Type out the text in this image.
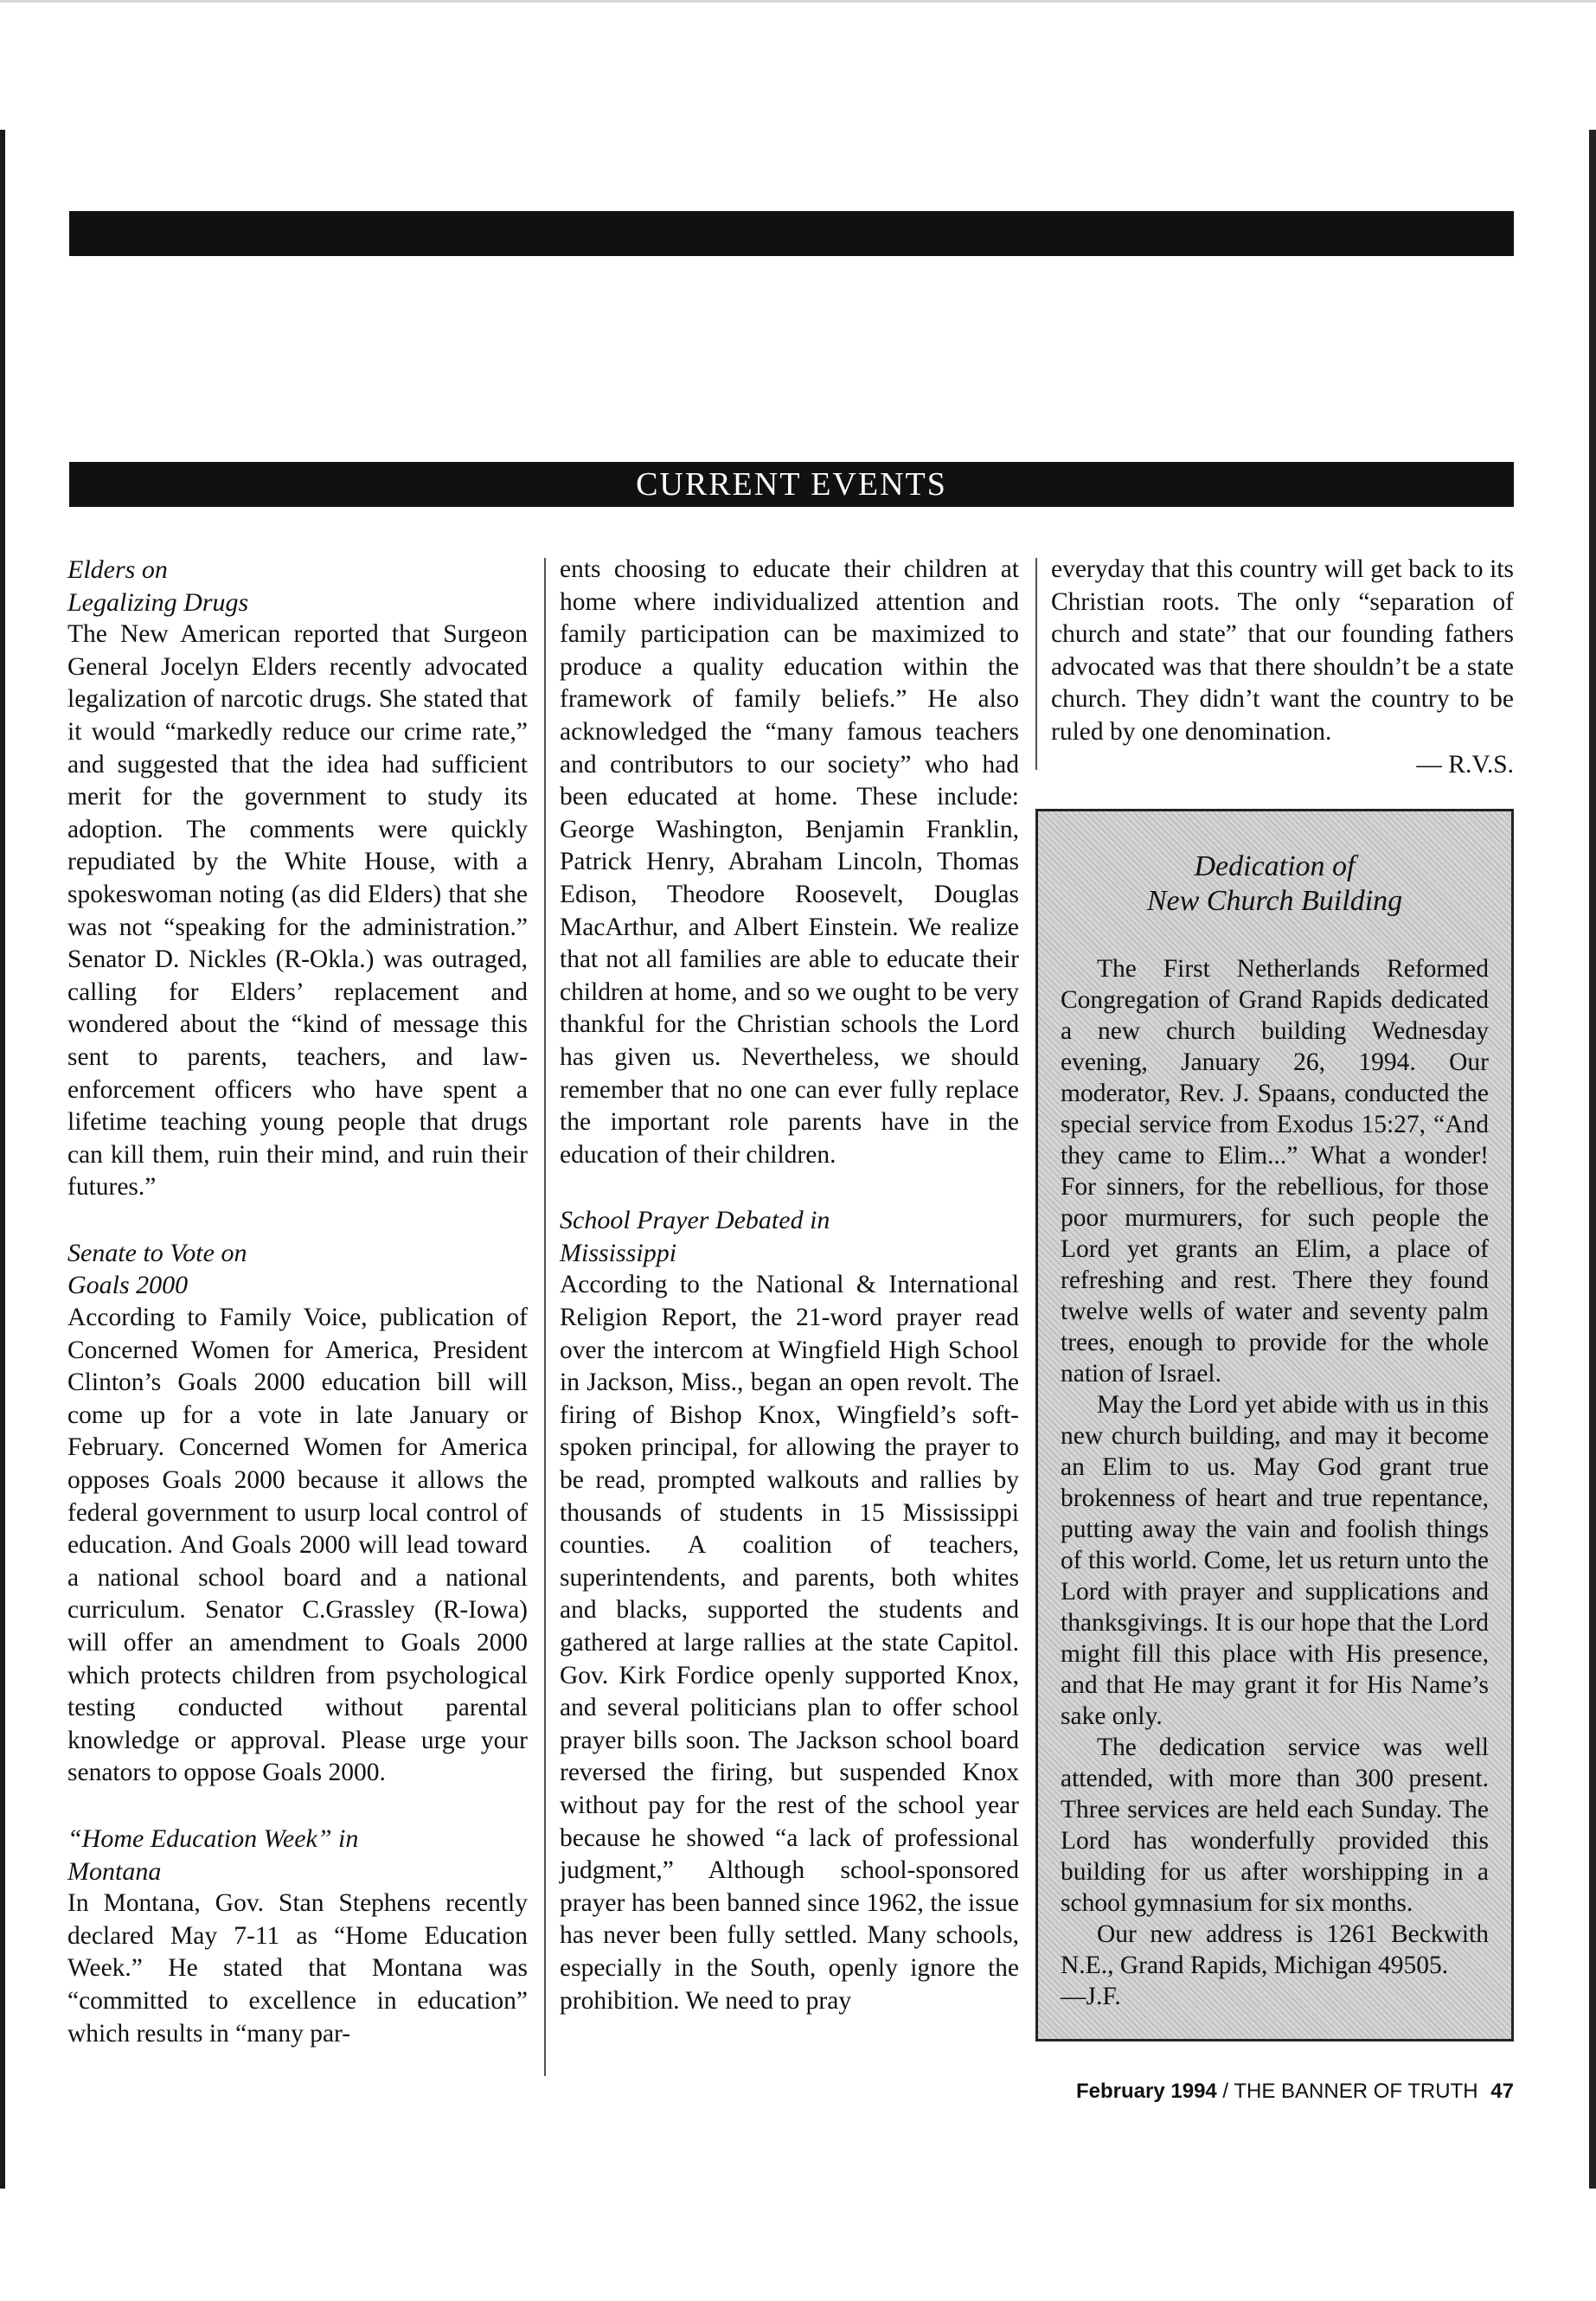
CURRENT EVENTS
Elders on Legalizing Drugs

The New American reported that Surgeon General Jocelyn Elders recently advocated legalization of narcotic drugs. She stated that it would “markedly reduce our crime rate,” and suggested that the idea had sufficient merit for the government to study its adoption. The comments were quickly repudiated by the White House, with a spokeswoman noting (as did Elders) that she was not “speaking for the administration.” Senator D. Nickles (R-Okla.) was outraged, calling for Elders’ replacement and wondered about the “kind of message this sent to parents, teachers, and law-enforcement officers who have spent a lifetime teaching young people that drugs can kill them, ruin their mind, and ruin their futures.”

Senate to Vote on Goals 2000

According to Family Voice, publication of Concerned Women for America, President Clinton’s Goals 2000 education bill will come up for a vote in late January or February. Concerned Women for America opposes Goals 2000 because it allows the federal government to usurp local control of education. And Goals 2000 will lead toward a national school board and a national curriculum. Senator C.Grassley (R-Iowa) will offer an amendment to Goals 2000 which protects children from psychological testing conducted without parental knowledge or approval. Please urge your senators to oppose Goals 2000.

“Home Education Week” in Montana

In Montana, Gov. Stan Stephens recently declared May 7-11 as “Home Education Week.” He stated that Montana was “committed to excellence in education” which results in “many par-

ents choosing to educate their children at home where individualized attention and family participation can be maximized to produce a quality education within the framework of family beliefs.” He also acknowledged the “many famous teachers and contributors to our society” who had been educated at home. These include: George Washington, Benjamin Franklin, Patrick Henry, Abraham Lincoln, Thomas Edison, Theodore Roosevelt, Douglas MacArthur, and Albert Einstein. We realize that not all families are able to educate their children at home, and so we ought to be very thankful for the Christian schools the Lord has given us. Nevertheless, we should remember that no one can ever fully replace the important role parents have in the education of their children.

School Prayer Debated in Mississippi

According to the National & International Religion Report, the 21-word prayer read over the intercom at Wingfield High School in Jackson, Miss., began an open revolt. The firing of Bishop Knox, Wingfield’s soft-spoken principal, for allowing the prayer to be read, prompted walkouts and rallies by thousands of students in 15 Mississippi counties. A coalition of teachers, superintendents, and parents, both whites and blacks, supported the students and gathered at large rallies at the state Capitol. Gov. Kirk Fordice openly supported Knox, and several politicians plan to offer school prayer bills soon. The Jackson school board reversed the firing, but suspended Knox without pay for the rest of the school year because he showed “a lack of professional judgment,” Although school-sponsored prayer has been banned since 1962, the issue has never been fully settled. Many schools, especially in the South, openly ignore the prohibition. We need to pray

everyday that this country will get back to its Christian roots. The only “separation of church and state” that our founding fathers advocated was that there shouldn’t be a state church. They didn’t want the country to be ruled by one denomination.

— R.V.S.

Dedication of
New Church Building

The First Netherlands Reformed Congregation of Grand Rapids dedicated a new church building Wednesday evening, January 26, 1994. Our moderator, Rev. J. Spaans, conducted the special service from Exodus 15:27, “And they came to Elim...” What a wonder! For sinners, for the rebellious, for those poor murmurers, for such people the Lord yet grants an Elim, a place of refreshing and rest. There they found twelve wells of water and seventy palm trees, enough to provide for the whole nation of Israel.

May the Lord yet abide with us in this new church building, and may it become an Elim to us. May God grant true brokenness of heart and true repentance, putting away the vain and foolish things of this world. Come, let us return unto the Lord with prayer and supplications and thanksgivings. It is our hope that the Lord might fill this place with His presence, and that He may grant it for His Name’s sake only.

The dedication service was well attended, with more than 300 present. Three services are held each Sunday. The Lord has wonderfully provided this building for us after worshipping in a school gymnasium for six months.

Our new address is 1261 Beckwith N.E., Grand Rapids, Michigan 49505.

—J.F.

February 1994 / THE BANNER OF TRUTH 47
